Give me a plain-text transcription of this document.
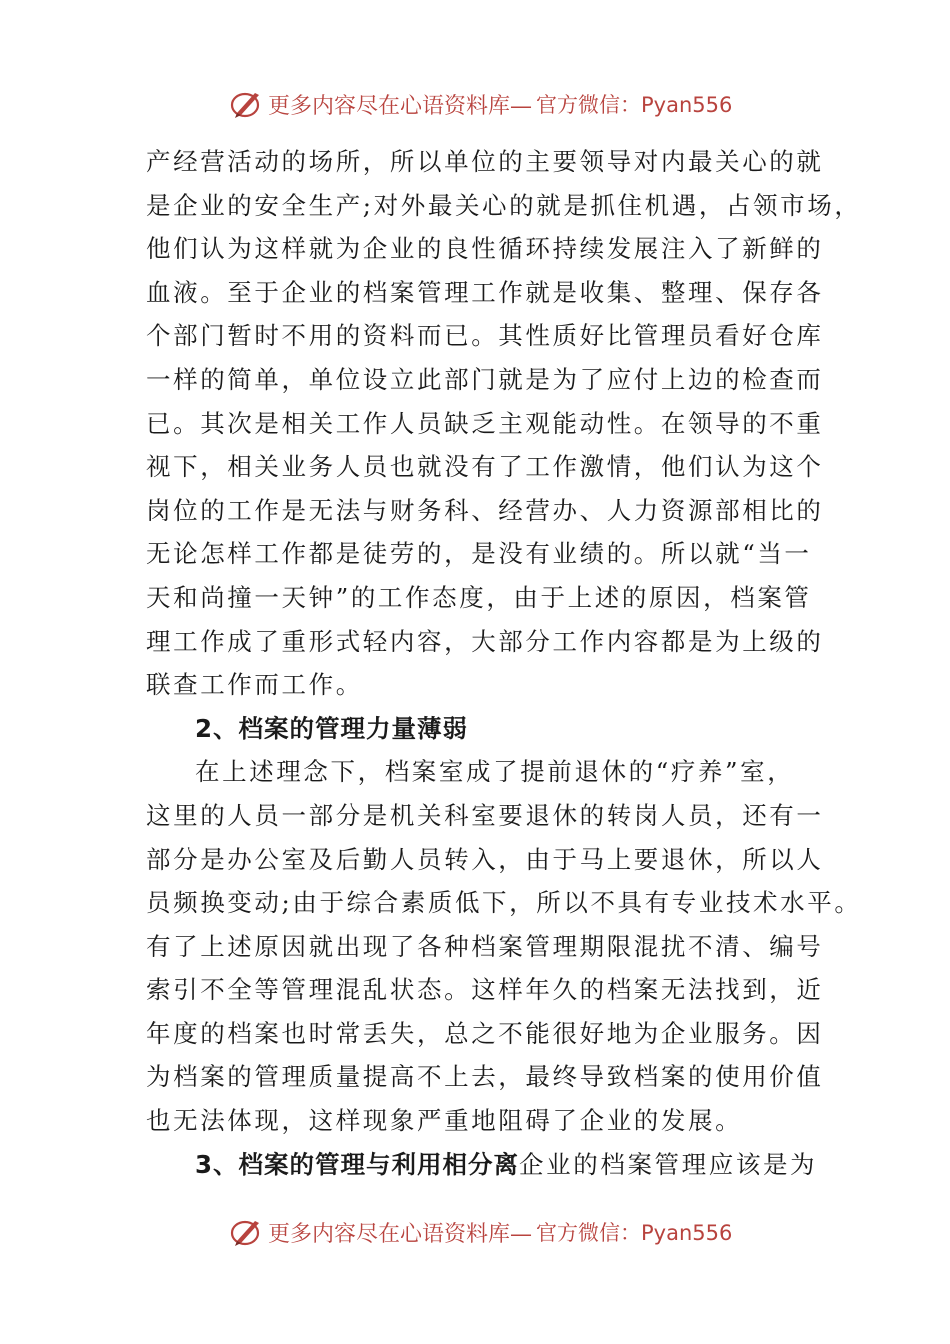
更多内容尽在心语资料库— 官方微信：Pyan556
产经营活动的场所，所以单位的主要领导对内最关心的就
是企业的安全生产;对外最关心的就是抓住机遇，占领市场，
他们认为这样就为企业的良性循环持续发展注入了新鲜的
血液。至于企业的档案管理工作就是收集、整理、保存各
个部门暂时不用的资料而已。其性质好比管理员看好仓库
一样的简单，单位设立此部门就是为了应付上边的检查而
已。其次是相关工作人员缺乏主观能动性。在领导的不重
视下，相关业务人员也就没有了工作激情，他们认为这个
岗位的工作是无法与财务科、经营办、人力资源部相比的
无论怎样工作都是徒劳的，是没有业绩的。所以就“当一
天和尚撞一天钟”的工作态度，由于上述的原因，档案管
理工作成了重形式轻内容，大部分工作内容都是为上级的
联查工作而工作。
2、档案的管理力量薄弱
在上述理念下，档案室成了提前退休的“疗养”室，
这里的人员一部分是机关科室要退休的转岗人员，还有一
部分是办公室及后勤人员转入，由于马上要退休，所以人
员频换变动;由于综合素质低下，所以不具有专业技术水平。
有了上述原因就出现了各种档案管理期限混扰不清、编号
索引不全等管理混乱状态。这样年久的档案无法找到，近
年度的档案也时常丢失，总之不能很好地为企业服务。因
为档案的管理质量提高不上去，最终导致档案的使用价值
也无法体现，这样现象严重地阻碍了企业的发展。
3、档案的管理与利用相分离企业的档案管理应该是为
更多内容尽在心语资料库— 官方微信：Pyan556
